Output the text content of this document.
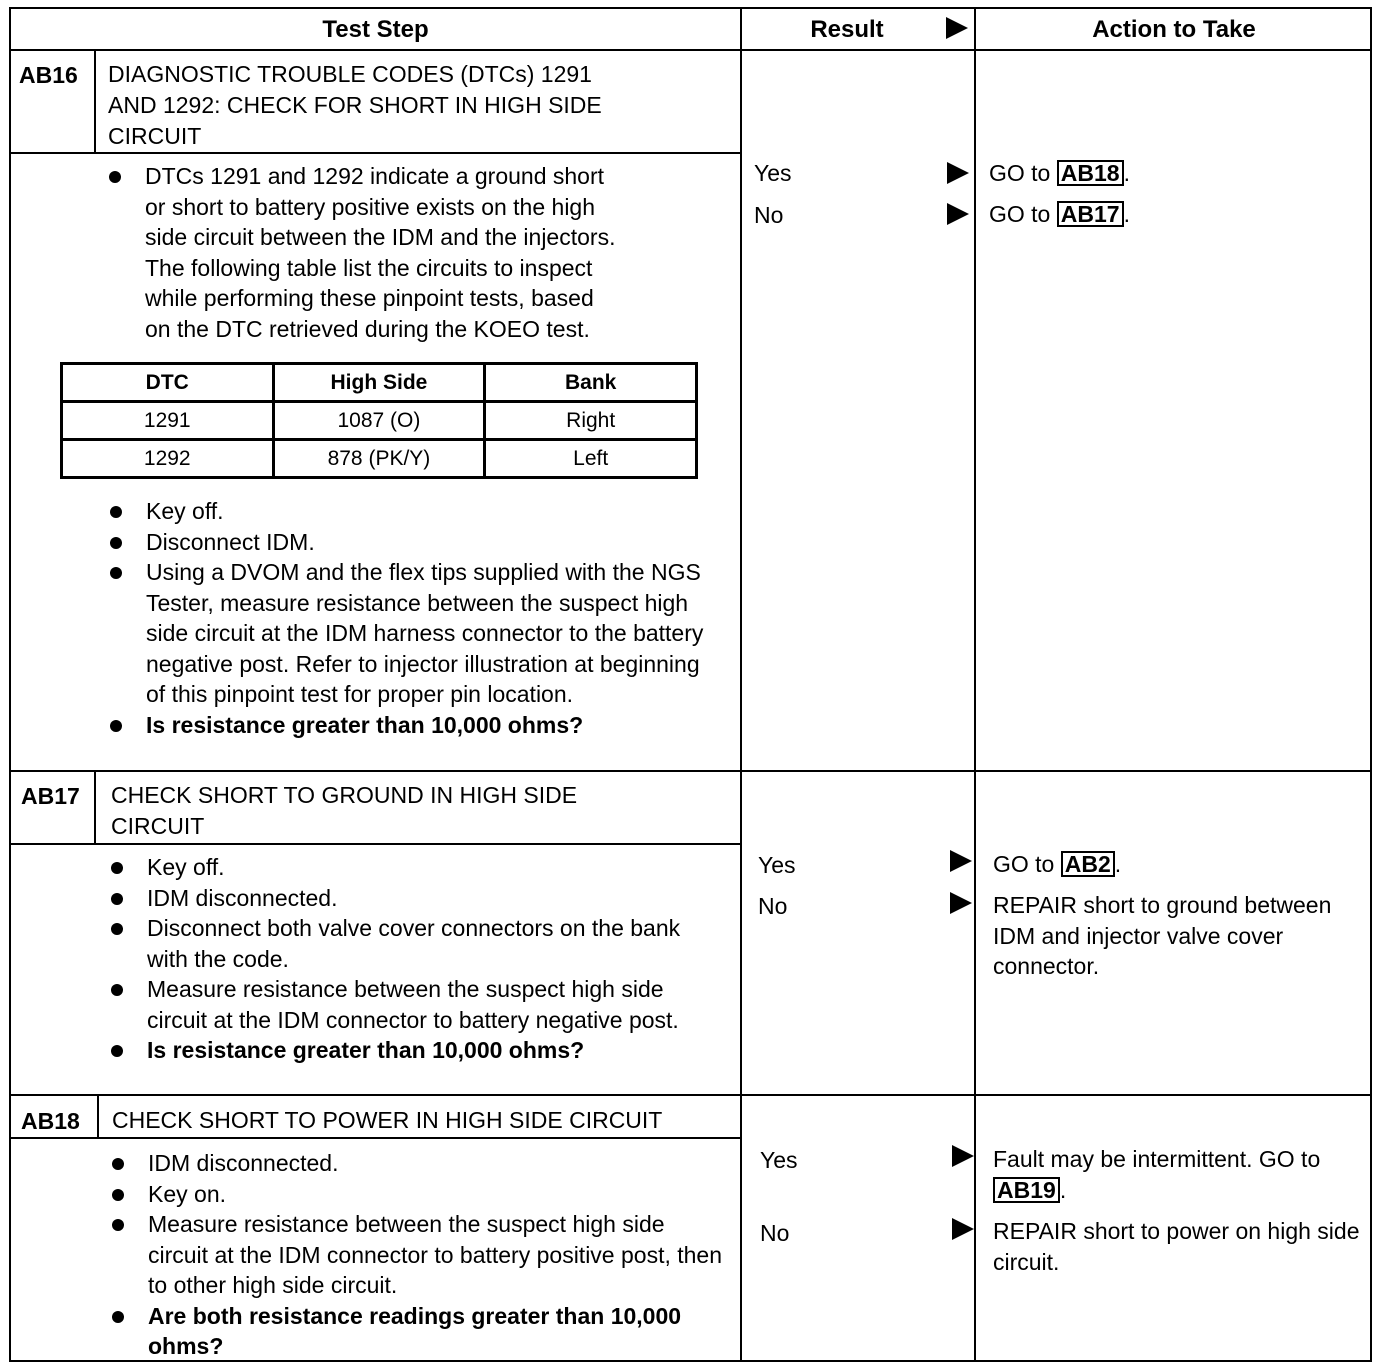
Test Step	Result	Action to Take
AB16 DIAGNOSTIC TROUBLE CODES (DTCs) 1291
AND 1292: CHECK FOR SHORT IN HIGH SIDE
CIRCUIT
DTCs 1291 and 1292 indicate a ground short
or short to battery positive exists on the high
side circuit between the IDM and the injectors.
The following table list the circuits to inspect
while performing these pinpoint tests, based
on the DTC retrieved during the KOEO test.
DTC	High Side	Bank
1291	1087 (O)	Right
1292	878 (PK/Y)	Left
Key off.
Disconnect IDM.
Using a DVOM and the flex tips supplied with the NGS Tester, measure resistance between the suspect high side circuit at the IDM harness connector to the battery negative post. Refer to injector illustration at beginning of this pinpoint test for proper pin location.
Is resistance greater than 10,000 ohms?
Yes	GO to AB18 .
No	GO to AB17 .
AB17 CHECK SHORT TO GROUND IN HIGH SIDE
CIRCUIT
Key off.
IDM disconnected.
Disconnect both valve cover connectors on the bank with the code.
Measure resistance between the suspect high side circuit at the IDM connector to battery negative post.
Is resistance greater than 10,000 ohms?
Yes	GO to AB2 .
No	REPAIR short to ground between IDM and injector valve cover connector.
AB18 CHECK SHORT TO POWER IN HIGH SIDE CIRCUIT
IDM disconnected.
Key on.
Measure resistance between the suspect high side circuit at the IDM connector to battery positive post, then to other high side circuit.
Are both resistance readings greater than 10,000 ohms?
Yes	Fault may be intermittent. GO to AB19 .
No	REPAIR short to power on high side circuit.
